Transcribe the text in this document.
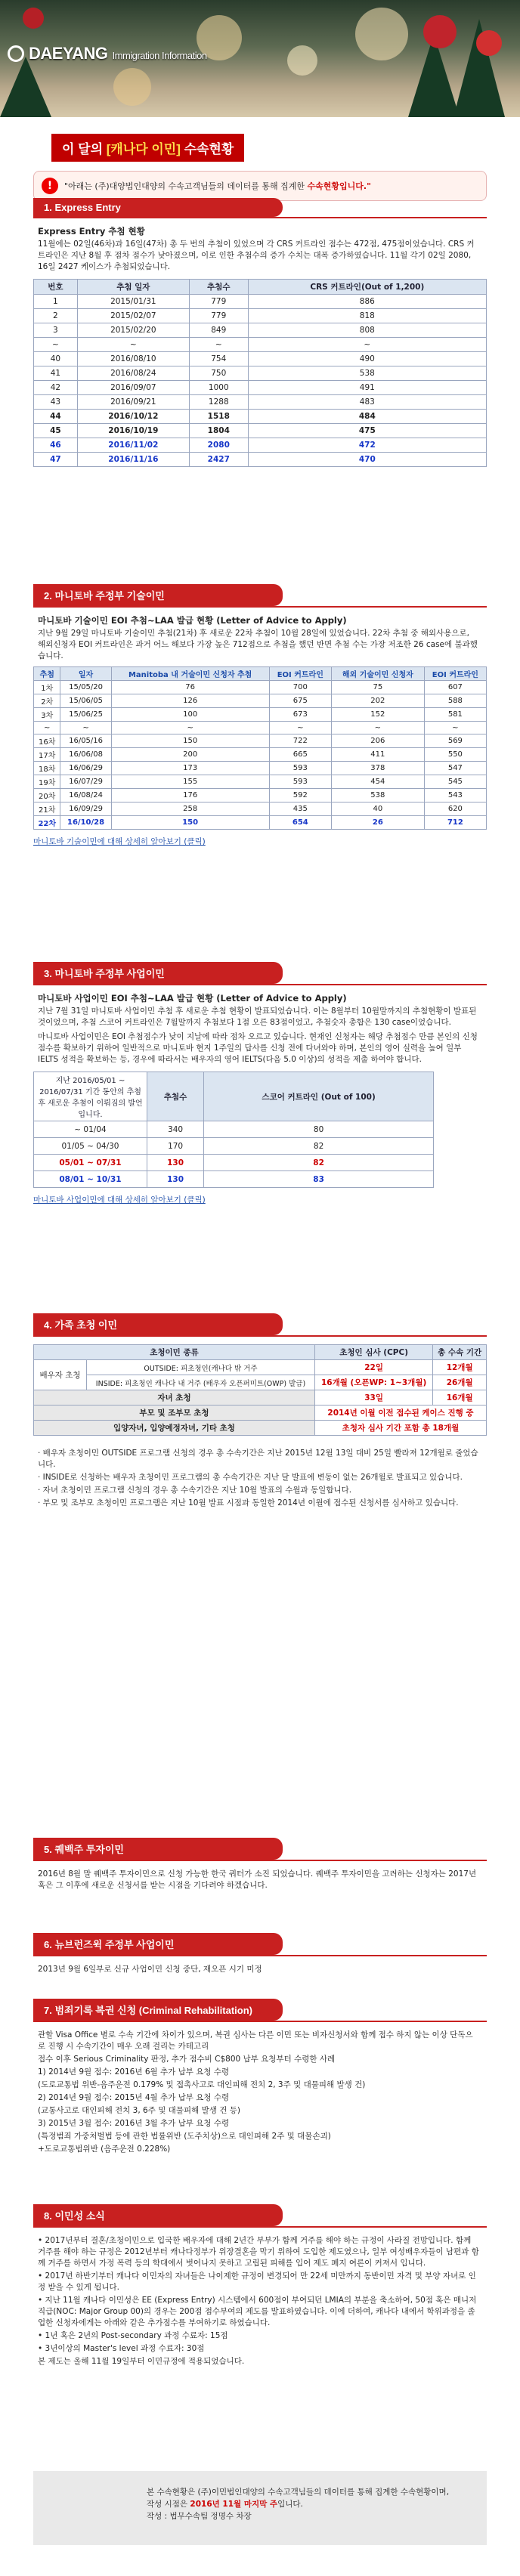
DAEYANG Immigration Information
이 달의 [캐나다 이민] 수속현황
!	"아래는 (주)대양법인대양의 수속고객님들의 데이터를 통해 집계한 수속현황입니다."
1. Express Entry
Express Entry 추첨 현황

11월에는 02일(46차)과 16일(47차) 총 두 번의 추첨이 있었으며 각 CRS 커트라인 점수는 472점, 475점이었습니다. CRS 커트라인은 지난 8월 후 점차 점수가 낮아졌으며, 이로 인한 추첨수의 증가 수치는 대폭 증가하였습니다. 11월 각기 02일 2080, 16일 2427 케이스가 추첨되었습니다.

번호	추첨 일자	추첨수	CRS 커트라인(Out of 1,200)
1	2015/01/31	779	886
2	2015/02/07	779	818
3	2015/02/20	849	808
~	~	~	~
40	2016/08/10	754	490
41	2016/08/24	750	538
42	2016/09/07	1000	491
43	2016/09/21	1288	483
44	2016/10/12	1518	484
45	2016/10/19	1804	475
46	2016/11/02	2080	472
47	2016/11/16	2427	470
2. 마니토바 주정부 기술이민
마니토바 기술이민 EOI 추첨~LAA 발급 현황 (Letter of Advice to Apply)

지난 9월 29일 마니토바 기술이민 추첨(21차) 후 새로운 22차 추첨이 10월 28일에 있었습니다. 22차 추첨 중 해외사용으로, 해외신청자 EOI 커트라인은 과거 어느 해보다 가장 높은 712점으로 추첨을 했던 반면 추첨 수는 가장 저조한 26 case에 불과했습니다.

추첨	일자	Manitoba 내 거술이민 신청자 추첨	EOI 커트라인	해외 기술이민 신청자	EOI 커트라인
1차	15/05/20	76	700	75	607
2차	15/06/05	126	675	202	588
3차	15/06/25	100	673	152	581
~	~	~	~	~	~
16차	16/05/16	150	722	206	569
17차	16/06/08	200	665	411	550
18차	16/06/29	173	593	378	547
19차	16/07/29	155	593	454	545
20차	16/08/24	176	592	538	543
21차	16/09/29	258	435	40	620
22차	16/10/28	150	654	26	712
마니토바 기술이민에 대해 상세히 알아보기 (클릭)
3. 마니토바 주정부 사업이민
마니토바 사업이민 EOI 추첨~LAA 발급 현황 (Letter of Advice to Apply)

지난 7월 31일 마니토바 사업이민 추첨 후 새로운 추첨 현황이 발표되었습니다. 이는 8월부터 10월말까지의 추첨현황이 발표된 것이었으며, 추첨 스코어 커트라인은 7월말까지 추첨보다 1점 오른 83점이었고, 추첨숫자 총합은 130 case이었습니다.

마니토바 사업이민은 EOI 추첨점수가 낮이 지날에 따라 점차 오르고 있습니다. 현재인 신청자는 해당 추첨점수 만큼 본인의 신청 점수를 확보하기 위하여 일반적으로 마니토바 현지 1주일의 답사를 신청 전에 다녀와야 하며, 본인의 영어 실력을 높여 일부 IELTS 성적을 확보하는 등, 경우에 따라서는 배우자의 영어 IELTS(다음 5.0 이상)의 성적을 제출 하여야 합니다.

지난 2016/05/01 ~ 2016/07/31 기간 동안의 추첨 후 새로운 추첨이 이뤄짐의 발언입니다.	추첨수	스코어 커트라인 (Out of 100)
~ 01/04	340	80
01/05 ~ 04/30	170	82
05/01 ~ 07/31	130	82
08/01 ~ 10/31	130	83
마니토바 사업이민에 대해 상세히 알아보기 (클릭)
4. 가족 초청 이민
초청이민 종류		초청인 심사 (CPC)	총 수속 기간
배우자 초청	OUTSIDE: 피초청인(캐나다 밖 거주	22일	12개월
	INSIDE: 피초청인 캐나다 내 거주 (배우자 오픈퍼미트(OWP) 발급)	16개월 (오픈WP: 1~3개월)	26개월
자녀 초청		33일	16개월
부모 및 조부모 초청		2014년 이월 이전 접수된 케이스 진행 중	
입양자녀, 입양예정자녀, 기타 초청		초청자 심사 기간 포함 총 18개월	

· 배우자 초청이민 OUTSIDE 프로그램 신청의 경우 총 수속기간은 지난 2015년 12월 13일 대비 25일 빨라져 12개월로 줄었습니다.

· INSIDE로 신청하는 배우자 초청이민 프로그램의 총 수속기간은 지난 달 발표에 변동이 없는 26개월로 발표되고 있습니다.

· 자녀 초청이민 프로그램 신청의 경우 총 수속기간은 지난 10월 발표의 수월과 동일합니다.

· 부모 및 조부모 초청이민 프로그램은 지난 10월 발표 시점과 동일한 2014년 이월에 접수된 신청서를 심사하고 있습니다.

5. 퀘백주 투자이민

2016년 8월 말 퀘백주 투자이민으로 신청 가능한 한국 쿼터가 소진 되었습니다. 퀘백주 투자이민을 고려하는 신청자는 2017년 혹은 그 이후에 새로운 신청서를 받는 시점을 기다려야 하겠습니다.

6. 뉴브런즈윅 주정부 사업이민

2013년 9월 6일부로 신규 사업이민 신청 중단, 재오픈 시기 미정

7. 범죄기록 복권 신청 (Criminal Rehabilitation)

관할 Visa Office 별로 수속 기간에 차이가 있으며, 복권 심사는 다른 이민 또는 비자신청서와 함께 접수 하지 않는 이상 단독으로 진행 시 수속기간이 매우 오래 걸리는 카테고리

접수 이후 Serious Criminality 판정, 추가 점수비 C$800 납부 요청부터 수령한 사례

1) 2014년 9월 접수: 2016년 6월 추가 납부 요청 수령

(도로교통법 위반-음주운전 0.179% 및 접촉사고로 대인피해 전치 2, 3주 및 대물피해 발생 건)

2) 2014년 9월 접수: 2015년 4월 추가 납부 요청 수령

(교통사고로 대인피해 전치 3, 6주 및 대물피해 발생 건 등)

3) 2015년 3월 접수: 2016년 3월 추가 납부 요청 수령

(특정범죄 가중처벌법 등에 관한 법률위반 (도주치상)으로 대인피해 2주 및 대물손괴)

+도로교통법위반 (음주운전 0.228%)

8. 이민성 소식

• 2017년부터 결혼/초청이민으로 입국한 배우자에 대해 2년간 부부가 함께 거주를 해야 하는 규정이 사라질 전망입니다. 함께 거주를 해야 하는 규정은 2012년부터 캐나다정부가 위장결혼을 막기 위하여 도입한 제도였으나, 일부 여성배우자들이 남편과 함께 거주를 하면서 가정 폭력 등의 학대에서 벗어나지 못하고 고립된 피해를 입어 제도 폐지 여론이 커져서 입니다.

• 2017년 하반기부터 캐나다 이민자의 자녀들은 나이제한 규정이 변경되어 만 22세 미만까지 동반이민 자격 및 부양 자녀로 인정 받을 수 있게 됩니다.

• 지난 11월 캐나다 이민성은 EE (Express Entry) 시스템에서 600점이 부여되던 LMIA의 부분을 축소하여, 50점 혹은 매니저직급(NOC: Major Group 00)의 경우는 200점 점수부여의 제도를 발표하였습니다. 이에 더하여, 캐나다 내에서 학위과정을 졸업한 신청자에게는 아래와 같은 추가점수를 부여하기로 하였습니다.

• 1년 혹은 2년의 Post-secondary 과정 수료자: 15점

• 3년이상의 Master's level 과정 수료자: 30점

본 제도는 올해 11월 19일부터 이민규정에 적용되었습니다.

본 수속현황은 (주)이민법인대양의 수속고객님들의 데이터를 통해 집계한 수속현황이며,

작성 시점은 2016년 11월 마지막 주입니다.

작성 : 법무수속팀 정명수 차장
